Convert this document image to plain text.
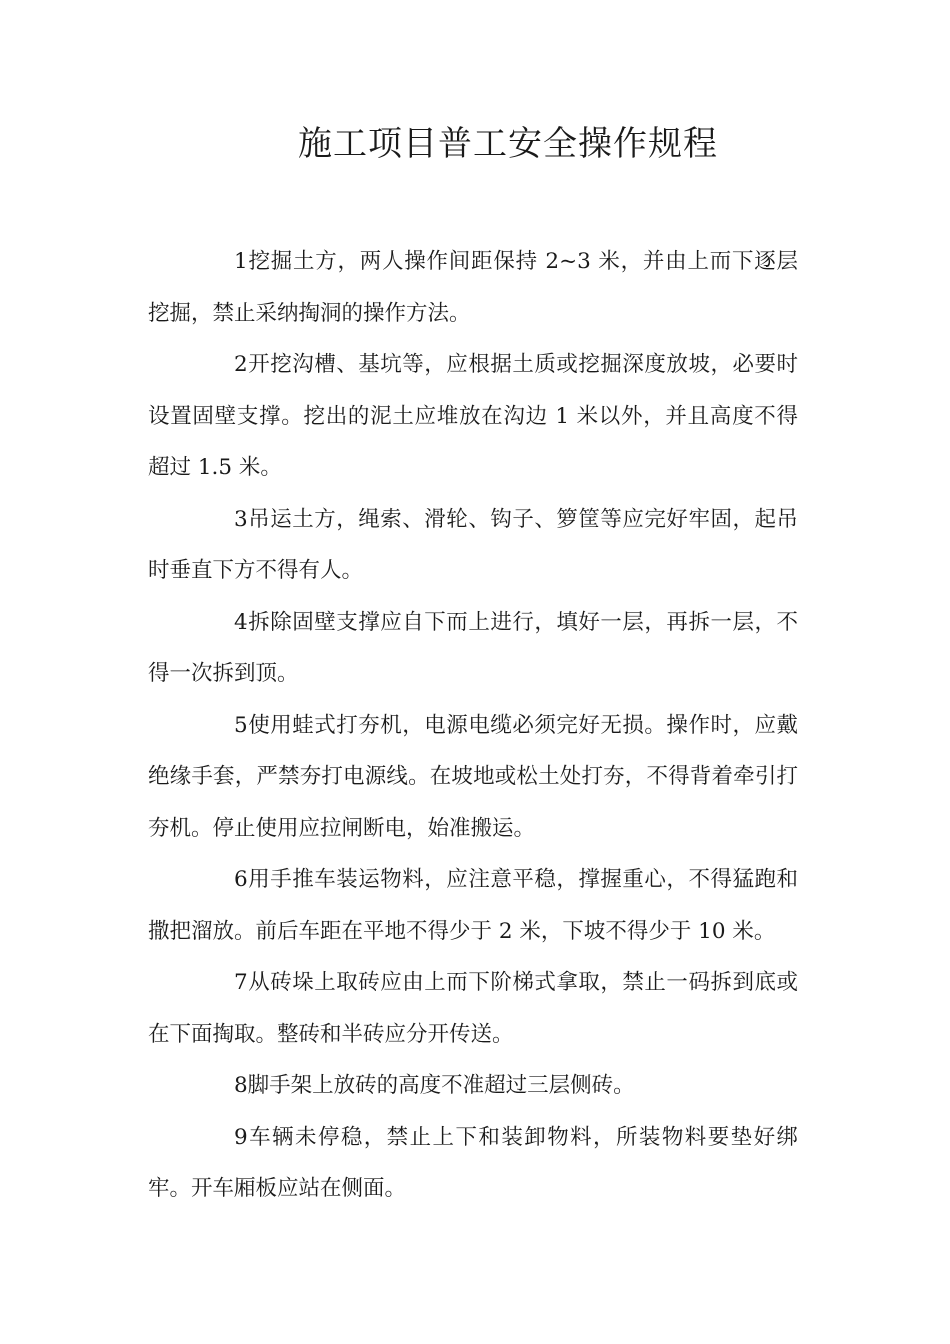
施工项目普工安全操作规程

1挖掘土方，两人操作间距保持 2~3 米，并由上而下逐层挖掘，禁止采纳掏洞的操作方法。

2开挖沟槽、基坑等，应根据土质或挖掘深度放坡，必要时设置固壁支撑。挖出的泥土应堆放在沟边 1 米以外，并且高度不得超过 1.5 米。

3吊运土方，绳索、滑轮、钩子、箩筐等应完好牢固，起吊时垂直下方不得有人。

4拆除固壁支撑应自下而上进行，填好一层，再拆一层，不得一次拆到顶。

5使用蛙式打夯机，电源电缆必须完好无损。操作时，应戴绝缘手套，严禁夯打电源线。在坡地或松土处打夯，不得背着牵引打夯机。停止使用应拉闸断电，始准搬运。

6用手推车装运物料，应注意平稳，撑握重心，不得猛跑和撒把溜放。前后车距在平地不得少于 2 米，下坡不得少于 10 米。

7从砖垛上取砖应由上而下阶梯式拿取，禁止一码拆到底或在下面掏取。整砖和半砖应分开传送。

8脚手架上放砖的高度不准超过三层侧砖。

9车辆未停稳，禁止上下和装卸物料，所装物料要垫好绑牢。开车厢板应站在侧面。
